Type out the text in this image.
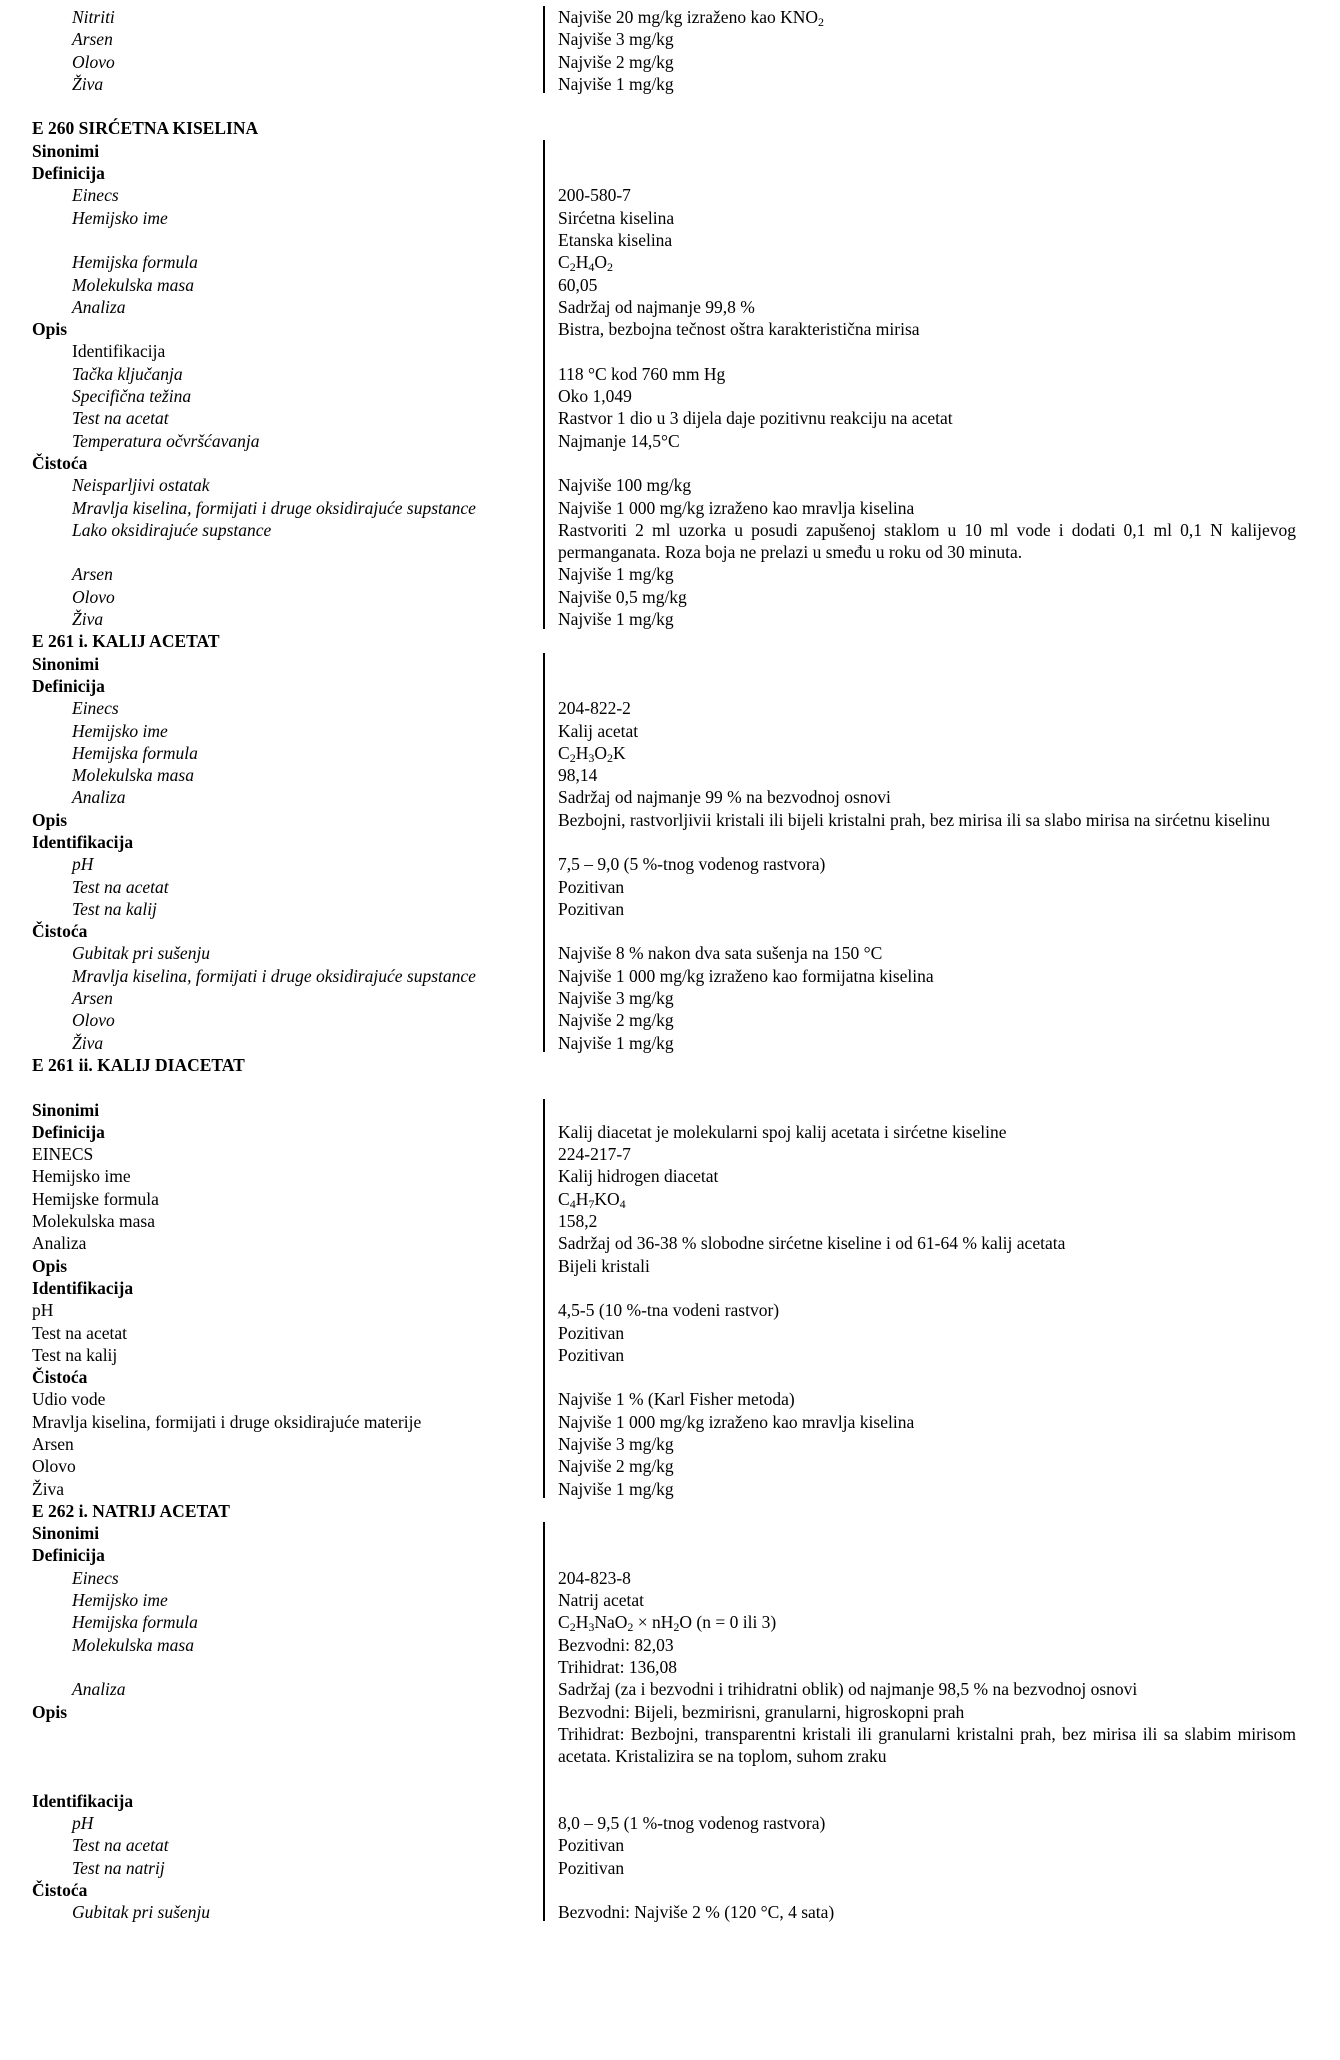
Nitriti	Najviše 20 mg/kg izraženo kao $KNO_2$
Arsen	Najviše 3 mg/kg
Olovo	Najviše 2 mg/kg
Živa	Najviše 1 mg/kg
E 260 SIRĆETNA KISELINA
Sinonimi

Definicija

Einecs	200-580-7
Hemijsko ime	Sirćetna kiselina
Etanska kiselina
Hemijska formula	$C_2H_4O_2$
Molekulska masa	60,05
Analiza	Sadržaj od najmanje 99,8 %
Opis	Bistra, bezbojna tečnost oštra karakteristična mirisa
Identifikacija

Tačka ključanja	118 °C kod 760 mm Hg
Specifična težina	Oko 1,049
Test na acetat	Rastvor 1 dio u 3 dijela daje pozitivnu reakciju na acetat
Temperatura očvršćavanja	Najmanje 14,5°C
Čistoća

Neisparljivi ostatak	Najviše 100 mg/kg
Mravlja kiselina, formijati i druge oksidirajuće supstance	Najviše 1 000 mg/kg izraženo kao mravlja kiselina
Lako oksidirajuće supstance	Rastvoriti 2 ml uzorka u posudi zapušenoj staklom u 10 ml vode i dodati 0,1 ml 0,1 N kalijevog permanganata. Roza boja ne prelazi u smeđu u roku od 30 minuta.
Arsen	Najviše 1 mg/kg
Olovo	Najviše 0,5 mg/kg
Živa	Najviše 1 mg/kg
E 261 i. KALIJ ACETAT
Sinonimi

Definicija

Einecs	204-822-2
Hemijsko ime	Kalij acetat
Hemijska formula	$C_2H_3O_2K$
Molekulska masa	98,14
Analiza	Sadržaj od najmanje 99 % na bezvodnoj osnovi
Opis	Bezbojni, rastvorljivii kristali ili bijeli kristalni prah, bez mirisa ili sa slabo mirisa na sirćetnu kiselinu
Identifikacija

pH	7,5 – 9,0 (5 %-tnog vodenog rastvora)
Test na acetat	Pozitivan
Test na kalij	Pozitivan
Čistoća

Gubitak pri sušenju	Najviše 8 % nakon dva sata sušenja na 150 °C
Mravlja kiselina, formijati i druge oksidirajuće supstance	Najviše 1 000 mg/kg izraženo kao formijatna kiselina
Arsen	Najviše 3 mg/kg
Olovo	Najviše 2 mg/kg
Živa	Najviše 1 mg/kg
E 261 ii. KALIJ DIACETAT
Sinonimi

Definicija	Kalij diacetat je molekularni spoj kalij acetata i sirćetne kiseline
EINECS	224-217-7
Hemijsko ime	Kalij hidrogen diacetat
Hemijske formula	$C_4H_7KO_4$
Molekulska masa	158,2
Analiza	Sadržaj od 36-38 % slobodne sirćetne kiseline i od 61-64 % kalij acetata
Opis	Bijeli kristali
Identifikacija

pH	4,5-5 (10 %-tna vodeni rastvor)
Test na acetat	Pozitivan
Test na kalij	Pozitivan
Čistoća

Udio vode	Najviše 1 % (Karl Fisher metoda)
Mravlja kiselina, formijati i druge oksidirajuće materije	Najviše 1 000 mg/kg izraženo kao mravlja kiselina
Arsen	Najviše 3 mg/kg
Olovo	Najviše 2 mg/kg
Živa	Najviše 1 mg/kg
E 262 i. NATRIJ ACETAT
Sinonimi

Definicija

Einecs	204-823-8
Hemijsko ime	Natrij acetat
Hemijska formula	$C_2H_3NaO_2 \times nH_2O$ (n = 0 ili 3)
Molekulska masa	Bezvodni: 82,03
Trihidrat: 136,08
Analiza	Sadržaj (za i bezvodni i trihidratni oblik) od najmanje 98,5 % na bezvodnoj osnovi
Opis	Bezvodni: Bijeli, bezmirisni, granularni, higroskopni prah
Trihidrat: Bezbojni, transparentni kristali ili granularni kristalni prah, bez mirisa ili sa slabim mirisom acetata. Kristalizira se na toplom, suhom zraku

Identifikacija

pH	8,0 – 9,5 (1 %-tnog vodenog rastvora)
Test na acetat	Pozitivan
Test na natrij	Pozitivan
Čistoća

Gubitak pri sušenju	Bezvodni: Najviše 2 % (120 °C, 4 sata)
